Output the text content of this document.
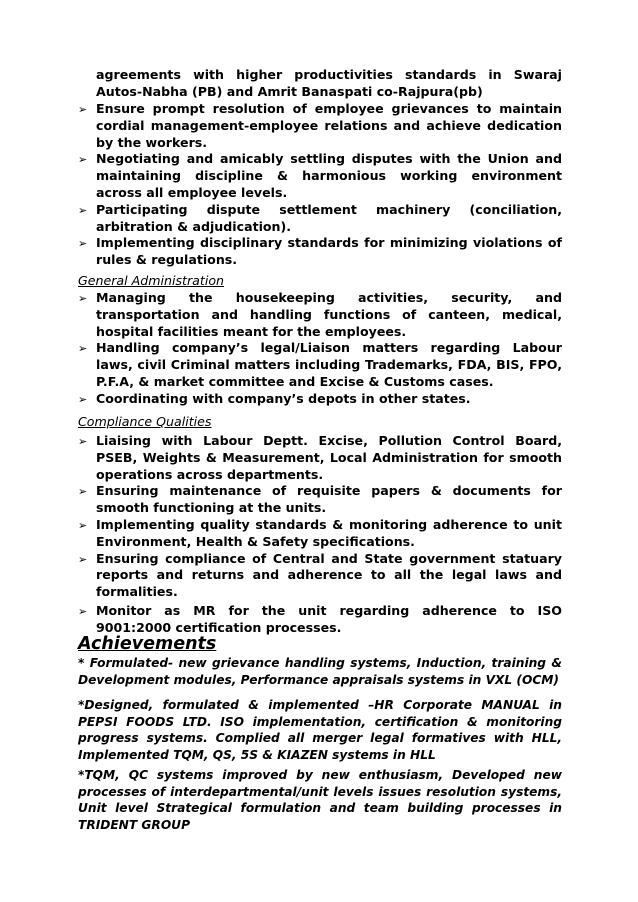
agreements with higher productivities standards in Swaraj
Autos-Nabha (PB) and Amrit Banaspati co-Rajpura(pb)
➢ Ensure prompt resolution of employee grievances to maintain cordial management-employee relations and achieve dedication by the workers.
➢ Negotiating and amicably settling disputes with the Union and maintaining discipline & harmonious working environment across all employee levels.
➢ Participating dispute settlement machinery (conciliation, arbitration & adjudication).
➢ Implementing disciplinary standards for minimizing violations of rules & regulations.
General Administration
➢ Managing the housekeeping activities, security, and transportation and handling functions of canteen, medical, hospital facilities meant for the employees.
➢ Handling company’s legal/Liaison matters regarding Labour laws, civil Criminal matters including Trademarks, FDA, BIS, FPO, P.F.A, & market committee and Excise & Customs cases.
➢ Coordinating with company’s depots in other states.
Compliance Qualities
➢ Liaising with Labour Deptt. Excise, Pollution Control Board, PSEB, Weights & Measurement, Local Administration for smooth operations across departments.
➢ Ensuring maintenance of requisite papers & documents for smooth functioning at the units.
➢ Implementing quality standards & monitoring adherence to unit Environment, Health & Safety specifications.
➢ Ensuring compliance of Central and State government statuary reports and returns and adherence to all the legal laws and formalities.
➢ Monitor as MR for the unit regarding adherence to ISO 9001:2000 certification processes.
Achievements
* Formulated- new grievance handling systems, Induction, training & Development modules, Performance appraisals systems in VXL (OCM)
*Designed, formulated & implemented –HR Corporate MANUAL in PEPSI FOODS LTD. ISO implementation, certification & monitoring progress systems. Complied all merger legal formatives with HLL, Implemented TQM, QS, 5S & KIAZEN systems in HLL
*TQM, QC systems improved by new enthusiasm, Developed new processes of interdepartmental/unit levels issues resolution systems, Unit level Strategical formulation and team building processes in TRIDENT GROUP
